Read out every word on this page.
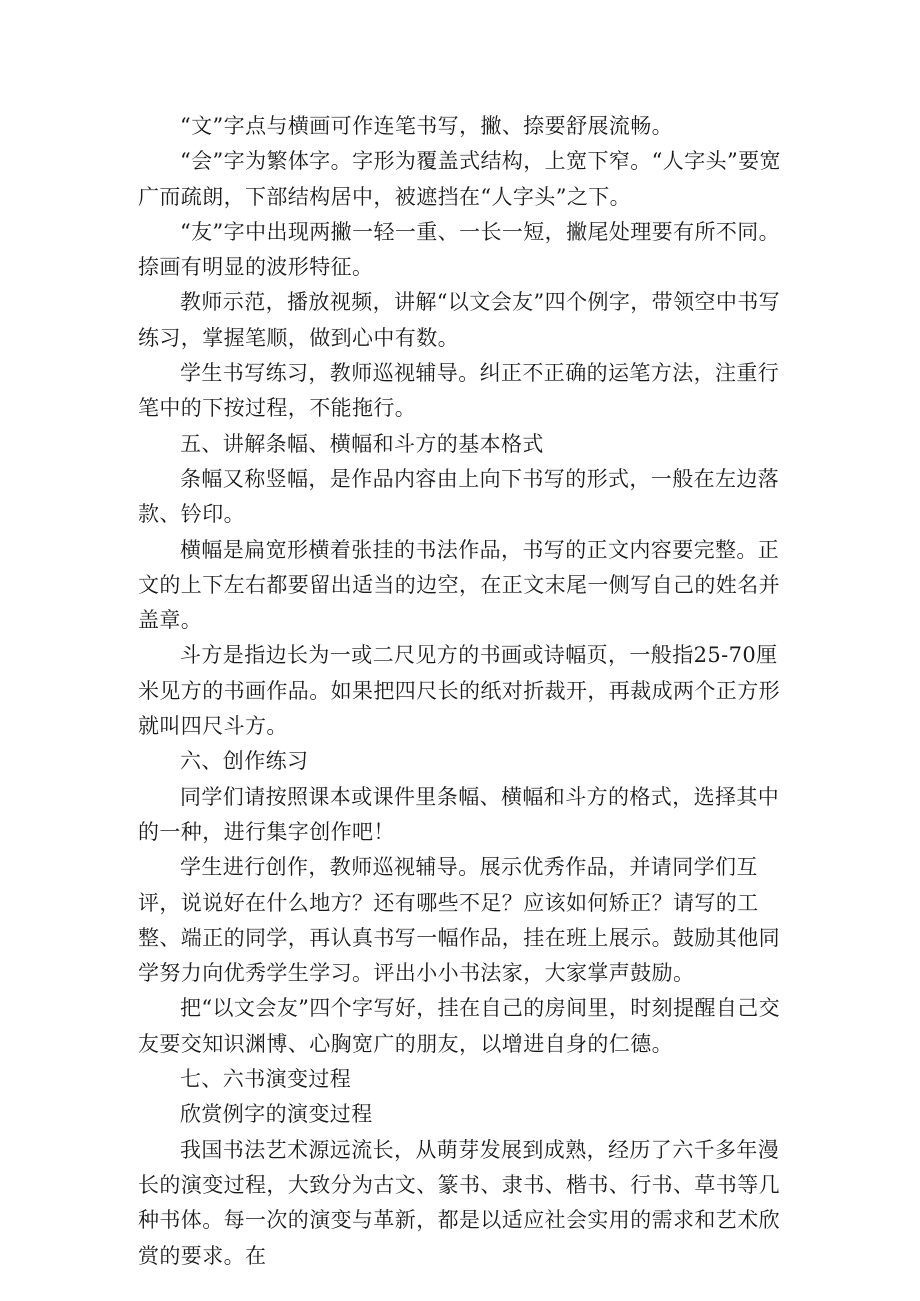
“文”字点与横画可作连笔书写，撇、捺要舒展流畅。

“会”字为繁体字。字形为覆盖式结构，上宽下窄。“人字头”要宽广而疏朗，下部结构居中，被遮挡在“人字头”之下。

“友”字中出现两撇一轻一重、一长一短，撇尾处理要有所不同。捺画有明显的波形特征。

教师示范，播放视频，讲解“以文会友”四个例字，带领空中书写练习，掌握笔顺，做到心中有数。

学生书写练习，教师巡视辅导。纠正不正确的运笔方法，注重行笔中的下按过程，不能拖行。

五、讲解条幅、横幅和斗方的基本格式

条幅又称竖幅，是作品内容由上向下书写的形式，一般在左边落款、钤印。

横幅是扁宽形横着张挂的书法作品，书写的正文内容要完整。正文的上下左右都要留出适当的边空，在正文末尾一侧写自己的姓名并盖章。

斗方是指边长为一或二尺见方的书画或诗幅页，一般指25-70厘米见方的书画作品。如果把四尺长的纸对折裁开，再裁成两个正方形就叫四尺斗方。

六、创作练习

同学们请按照课本或课件里条幅、横幅和斗方的格式，选择其中的一种，进行集字创作吧！

学生进行创作，教师巡视辅导。展示优秀作品，并请同学们互评，说说好在什么地方？还有哪些不足？应该如何矫正？请写的工整、端正的同学，再认真书写一幅作品，挂在班上展示。鼓励其他同学努力向优秀学生学习。评出小小书法家，大家掌声鼓励。

把“以文会友”四个字写好，挂在自己的房间里，时刻提醒自己交友要交知识渊博、心胸宽广的朋友，以增进自身的仁德。

七、六书演变过程

欣赏例字的演变过程

我国书法艺术源远流长，从萌芽发展到成熟，经历了六千多年漫长的演变过程，大致分为古文、篆书、隶书、楷书、行书、草书等几种书体。每一次的演变与革新，都是以适应社会实用的需求和艺术欣赏的要求。在
